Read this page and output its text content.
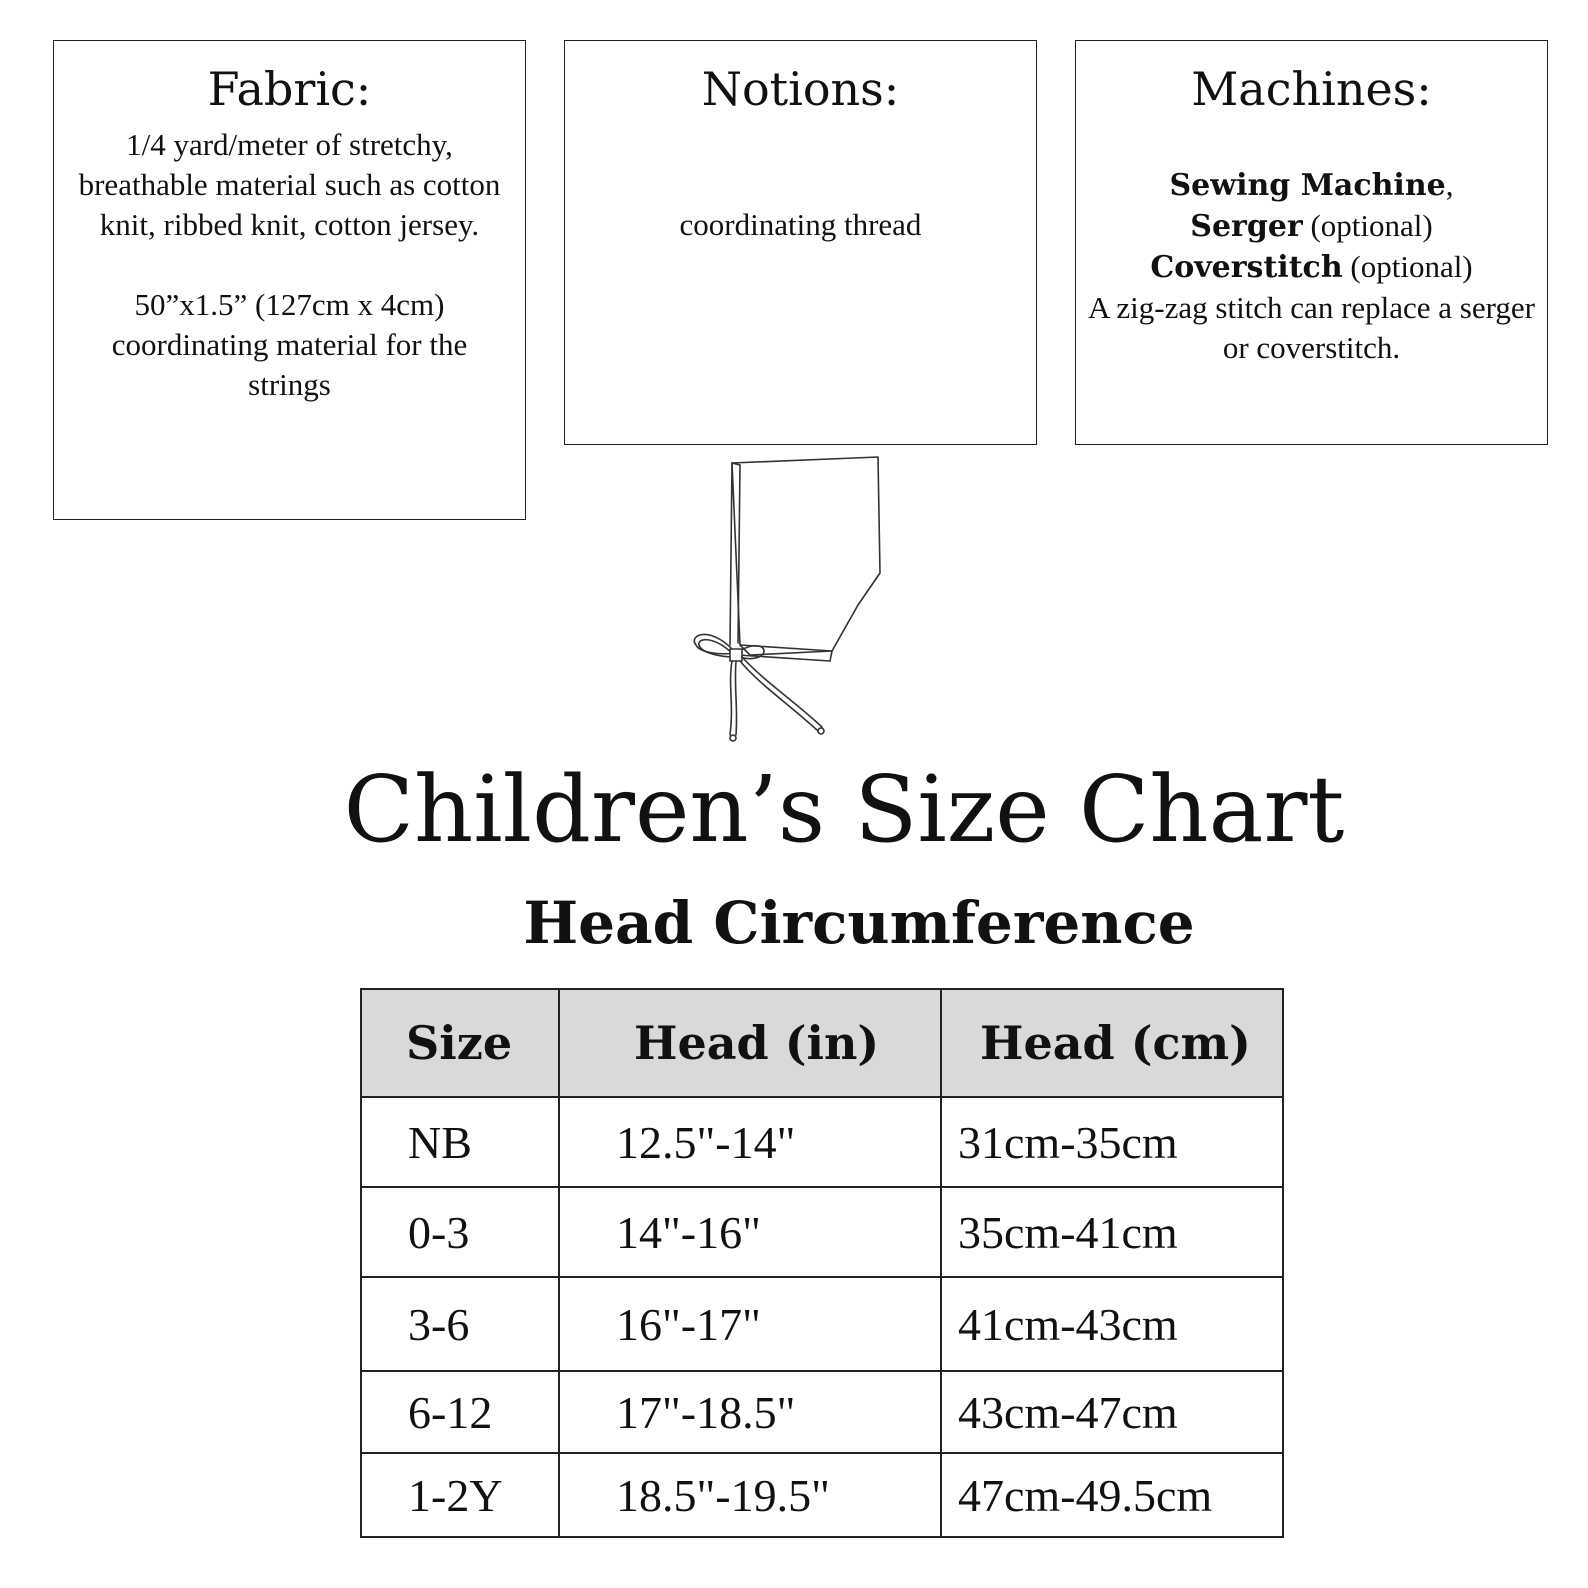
Fabric:

1/4 yard/meter of stretchy, breathable material such as cotton knit, ribbed knit, cotton jersey.

50”x1.5” (127cm x 4cm) coordinating material for the strings

Notions:
coordinating thread
Machines:
Sewing Machine,
Serger (optional)
Coverstitch (optional)
A zig-zag stitch can replace a serger or coverstitch.
Children’s Size Chart
Head Circumference
Size	Head (in)	Head (cm)
NB	12.5"-14"	31cm-35cm
0-3	14"-16"	35cm-41cm
3-6	16"-17"	41cm-43cm
6-12	17"-18.5"	43cm-47cm
1-2Y	18.5"-19.5"	47cm-49.5cm
